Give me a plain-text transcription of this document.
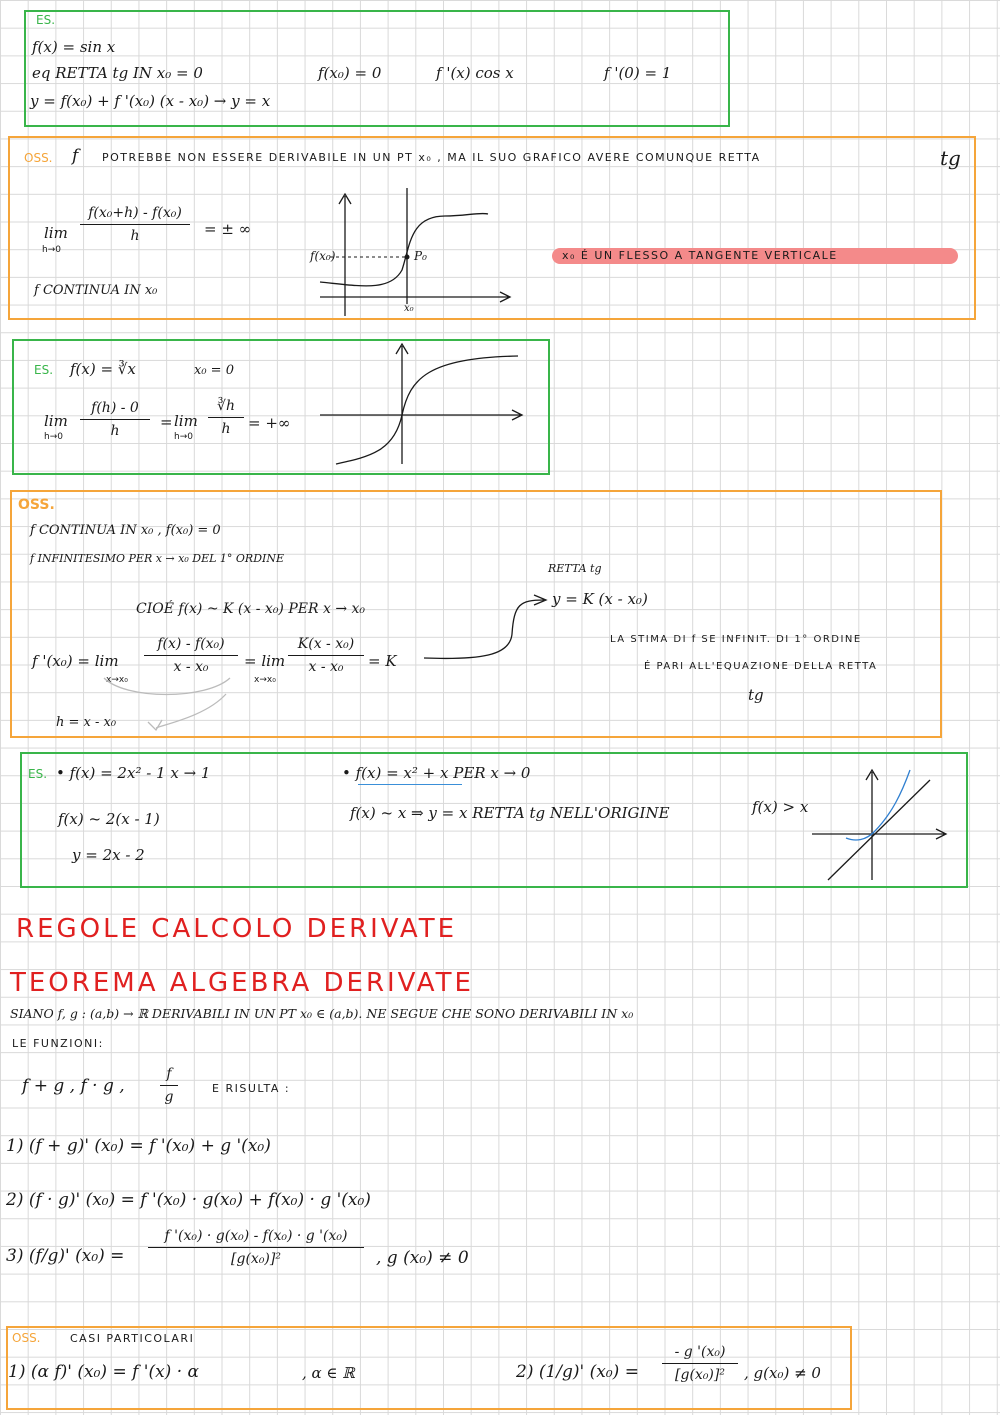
ES.
f(x) = sin x
eq RETTA tg IN x₀ = 0	f(x₀) = 0	f '(x) cos x	f '(0) = 1
y = f(x₀) + f '(x₀) (x - x₀) → y = x
OSS. f POTREBBE NON ESSERE DERIVABILE IN UN PT x₀ , MA IL SUO GRAFICO AVERE COMUNQUE RETTA	tg
lim
h→0
f(x₀+h) - f(x₀)
h	= ± ∞
f CONTINUA IN x₀
f(x₀)
x₀
P₀	x₀ É UN FLESSO A TANGENTE VERTICALE
ES. f(x) = ∛x	x₀ = 0
lim
h→0
f(h) - 0
h	= lim
h→0
∛h
h	= +∞
OSS.
f CONTINUA IN x₀ , f(x₀) = 0
f INFINITESIMO PER x → x₀ DEL 1° ORDINE
CIOÉ f(x) ~ K (x - x₀) PER x → x₀
RETTA tg
y = K (x - x₀)
f '(x₀) = lim
x→x₀
f(x) - f(x₀)
x - x₀	= lim
x→x₀
K(x - x₀)
x - x₀	= K
h = x - x₀
LA STIMA DI f SE INFINIT. DI 1° ORDINE
É PARI ALL'EQUAZIONE DELLA RETTA
tg
ES. • f(x) = 2x² - 1 x → 1
f(x) ~ 2(x - 1)
y = 2x - 2
• f(x) = x² + x PER x → 0
f(x) ~ x ⇒ y = x RETTA tg NELL'ORIGINE	f(x) > x
REGOLE CALCOLO DERIVATE
TEOREMA ALGEBRA DERIVATE
SIANO f, g : (a,b) → ℝ DERIVABILI IN UN PT x₀ ∈ (a,b). NE SEGUE CHE SONO DERIVABILI IN x₀
LE FUNZIONI:
f + g , f · g ,
f
g
E RISULTA :
1) (f + g)' (x₀) = f '(x₀) + g '(x₀)
2) (f · g)' (x₀) = f '(x₀) · g(x₀) + f(x₀) · g '(x₀)
3) (f/g)' (x₀) =
f '(x₀) · g(x₀) - f(x₀) · g '(x₀)
[g(x₀)]²	, g (x₀) ≠ 0
OSS.	CASI PARTICOLARI
1) (α f)' (x₀) = f '(x) · α	, α ∈ ℝ	2) (1/g)' (x₀) =
- g '(x₀)
[g(x₀)]²	, g(x₀) ≠ 0
